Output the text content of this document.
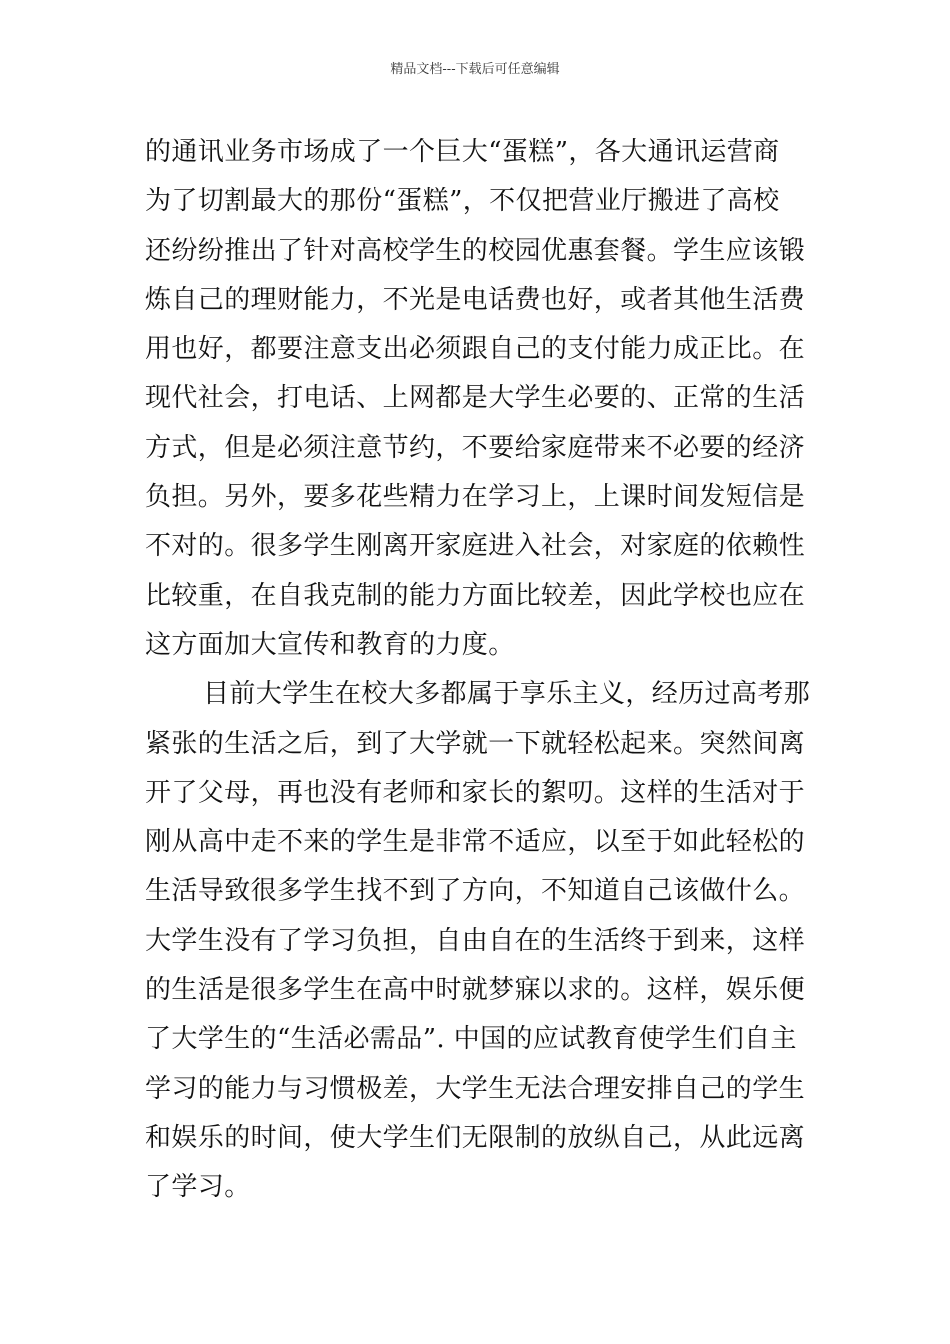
精品文档---下载后可任意编辑
的通讯业务市场成了一个巨大“蛋糕”，各大通讯运营商
为了切割最大的那份“蛋糕”，不仅把营业厅搬进了高校
还纷纷推出了针对高校学生的校园优惠套餐。学生应该锻
炼自己的理财能力，不光是电话费也好，或者其他生活费
用也好，都要注意支出必须跟自己的支付能力成正比。在
现代社会，打电话、上网都是大学生必要的、正常的生活
方式，但是必须注意节约，不要给家庭带来不必要的经济
负担。另外，要多花些精力在学习上，上课时间发短信是
不对的。很多学生刚离开家庭进入社会，对家庭的依赖性
比较重，在自我克制的能力方面比较差，因此学校也应在
这方面加大宣传和教育的力度。
目前大学生在校大多都属于享乐主义，经历过高考那
紧张的生活之后，到了大学就一下就轻松起来。突然间离
开了父母，再也没有老师和家长的絮叨。这样的生活对于
刚从高中走不来的学生是非常不适应，以至于如此轻松的
生活导致很多学生找不到了方向，不知道自己该做什么。
大学生没有了学习负担，自由自在的生活终于到来，这样
的生活是很多学生在高中时就梦寐以求的。这样，娱乐便
了大学生的“生活必需品”. 中国的应试教育使学生们自主
学习的能力与习惯极差，大学生无法合理安排自己的学生
和娱乐的时间，使大学生们无限制的放纵自己，从此远离
了学习。
